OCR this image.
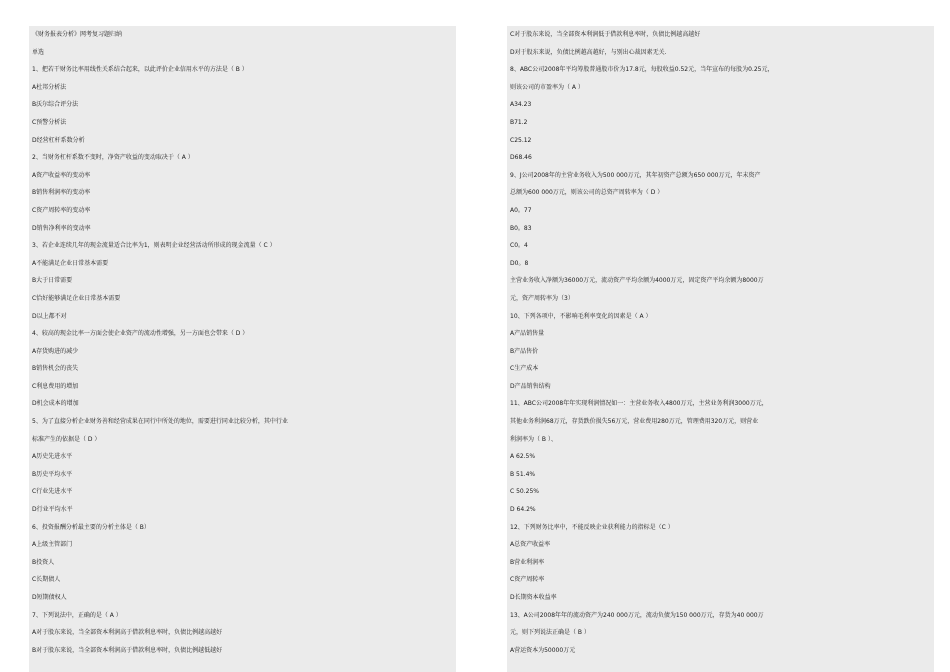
《财务报表分析》网考复习题归纳
单选
1、把若干财务比率用线性关系结合起来，以此评价企业信用水平的方法是（ B ）
A杜邦分析法
B沃尔综合评分法
C预警分析法
D经营杠杆系数分析
2、当财务杠杆系数不变时，净资产收益的变动取决于（ A ）
A资产收益率的变动率
B销售利润率的变动率
C资产周转率的变动率
D销售净利率的变动率
3、若企业连续几年的现金流量适合比率为1，则表明企业经营活动所形成的现金流量（ C ）
A不能满足企业日常基本需要
B大于日常需要
C恰好能够满足企业日常基本需要
D以上都不对
4、较高的现金比率一方面会使企业资产的流动性增强，另一方面也会带来（ D ）
A存货购进的减少
B销售机会的丧失
C利息费用的增加
D机会成本的增加
5、为了直接分析企业财务善和经营成果在同行中所处的地位，需要进行同业比较分析，其中行业
标准产生的依据是（ D ）
A历史先进水平
B历史平均水平
C行业先进水平
D行业平均水平
6、投资报酬分析最主要的分析主体是（ B）
A上级主管部门
B投资人
C长期债人
D短期债权人
7、下列说法中，正确的是（ A ）
A对于股东来说，当全部资本利润高于借款利息率时，负债比例越高越好
B对于股东来说，当全部资本利润高于借款利息率时，负债比例越低越好
C对于股东来说，当全部资本利润低于借款利息率时，负债比例越高越好
D对于股东来说，负债比例越高越好，与别出心裁因素无关.
8、ABC公司2008年平均筹股普通股市价为17.8元，每股收益0.52元，当年宣布的每股为0.25元，
则该公司的市盈率为（ A ）
A34.23
B71.2
C25.12
D68.46
9、J公司2008年的主营业务收入为500 000万元，其年初资产总额为650 000万元，年末资产
总额为600 000万元，则该公司的总资产周转率为（ D ）
A0。77
B0。83
C0。4
D0。8
主营业务收入净额为36000万元，流动资产平均余额为4000万元，固定资产平均余额为8000万
元，资产周转率为（3）
10、下列各项中，不影响毛利率变化的因素是（ A ）
A产品销售量
B产品售价
C生产成本
D产品销售结构
11、ABC公司2008年年实现利润情况如一：主营业务收入4800万元，主营业务利润3000万元，
其他业务利润68万元，存货跌价损失56万元，营业费用280万元，管理费用320万元，则营业
利润率为（ B ）、
A 62.5%
B 51.4%
C 50.25%
D 64.2%
12、下列财务比率中，不能反映企业获利能力的指标是（C ）
A总资产收益率
B营业利润率
C资产周转率
D长期资本收益率
13、A公司2008年年的流动资产为240 000万元，流动负债为150 000万元，存货为40 000万
元，则下列说法正确是（ B ）
A营运资本为50000万元
